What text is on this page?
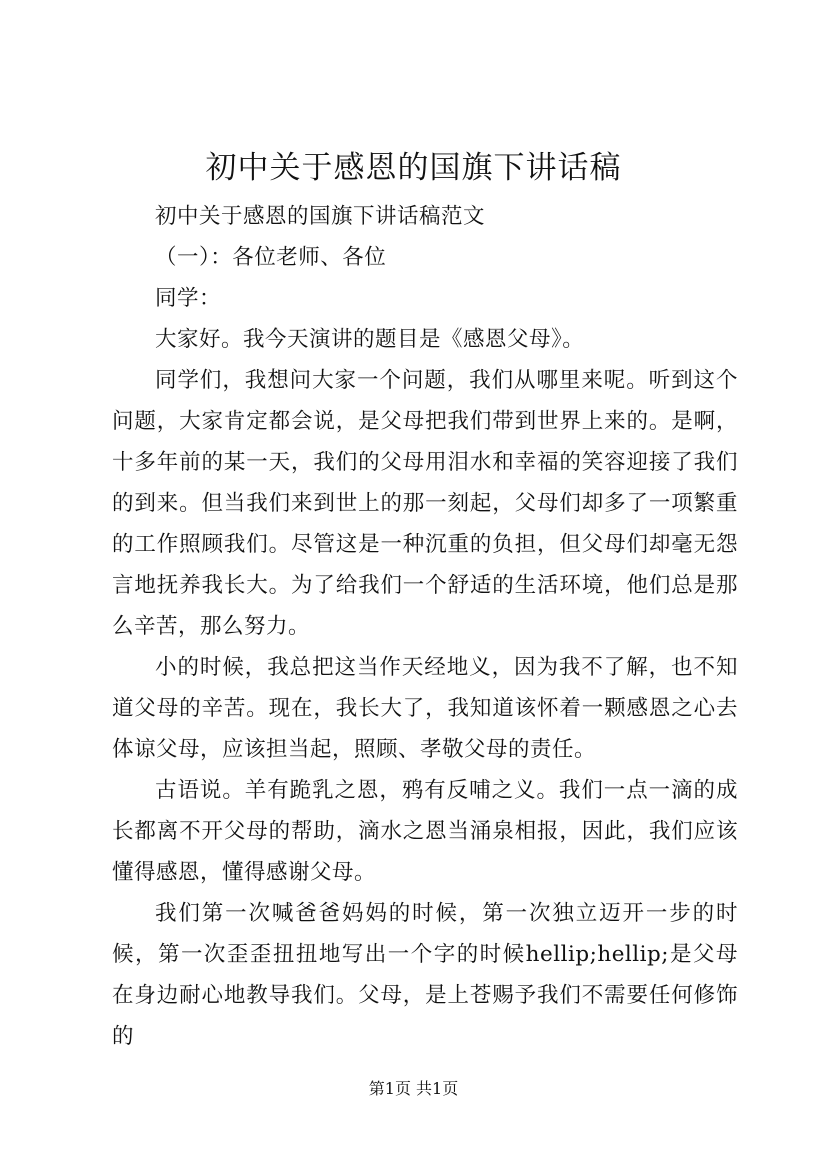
初中关于感恩的国旗下讲话稿

初中关于感恩的国旗下讲话稿范文

（一）：各位老师、各位

同学：

大家好。我今天演讲的题目是《感恩父母》。

同学们，我想问大家一个问题，我们从哪里来呢。听到这个问题，大家肯定都会说，是父母把我们带到世界上来的。是啊，十多年前的某一天，我们的父母用泪水和幸福的笑容迎接了我们的到来。但当我们来到世上的那一刻起，父母们却多了一项繁重的工作照顾我们。尽管这是一种沉重的负担，但父母们却毫无怨言地抚养我长大。为了给我们一个舒适的生活环境，他们总是那么辛苦，那么努力。

小的时候，我总把这当作天经地义，因为我不了解，也不知道父母的辛苦。现在，我长大了，我知道该怀着一颗感恩之心去体谅父母，应该担当起，照顾、孝敬父母的责任。

古语说。羊有跪乳之恩，鸦有反哺之义。我们一点一滴的成长都离不开父母的帮助，滴水之恩当涌泉相报，因此，我们应该懂得感恩，懂得感谢父母。

我们第一次喊爸爸妈妈的时候，第一次独立迈开一步的时候，第一次歪歪扭扭地写出一个字的时候hellip;hellip;是父母在身边耐心地教导我们。父母，是上苍赐予我们不需要任何修饰的

第1页 共1页
